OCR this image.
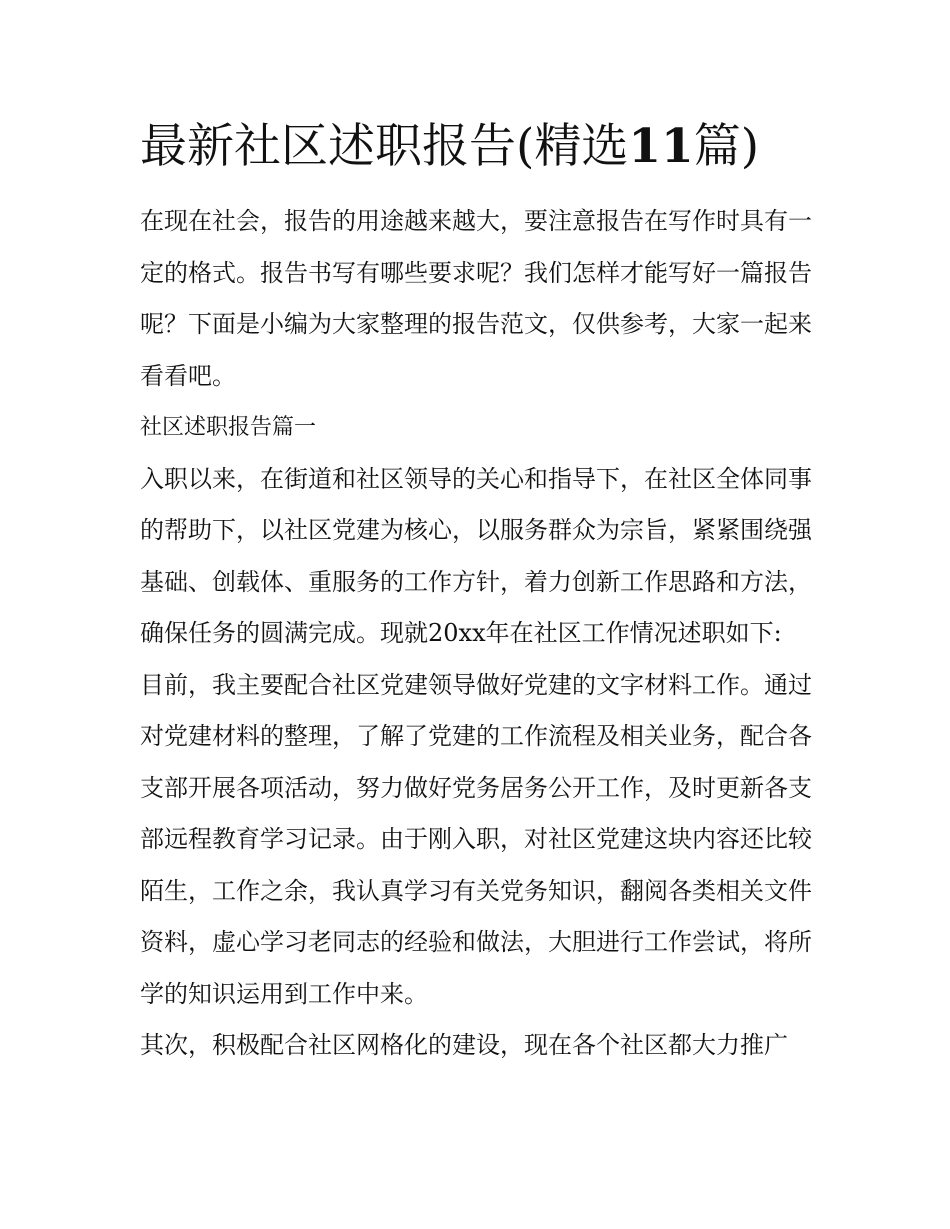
最新社区述职报告(精选11篇)

在现在社会，报告的用途越来越大，要注意报告在写作时具有一定的格式。报告书写有哪些要求呢？我们怎样才能写好一篇报告呢？下面是小编为大家整理的报告范文，仅供参考，大家一起来看看吧。

社区述职报告篇一

入职以来，在街道和社区领导的关心和指导下，在社区全体同事的帮助下，以社区党建为核心，以服务群众为宗旨，紧紧围绕强基础、创载体、重服务的工作方针，着力创新工作思路和方法，确保任务的圆满完成。现就20xx年在社区工作情况述职如下:

目前，我主要配合社区党建领导做好党建的文字材料工作。通过对党建材料的整理，了解了党建的工作流程及相关业务，配合各支部开展各项活动，努力做好党务居务公开工作，及时更新各支部远程教育学习记录。由于刚入职，对社区党建这块内容还比较陌生，工作之余，我认真学习有关党务知识，翻阅各类相关文件资料，虚心学习老同志的经验和做法，大胆进行工作尝试，将所学的知识运用到工作中来。

其次，积极配合社区网格化的建设，现在各个社区都大力推广
